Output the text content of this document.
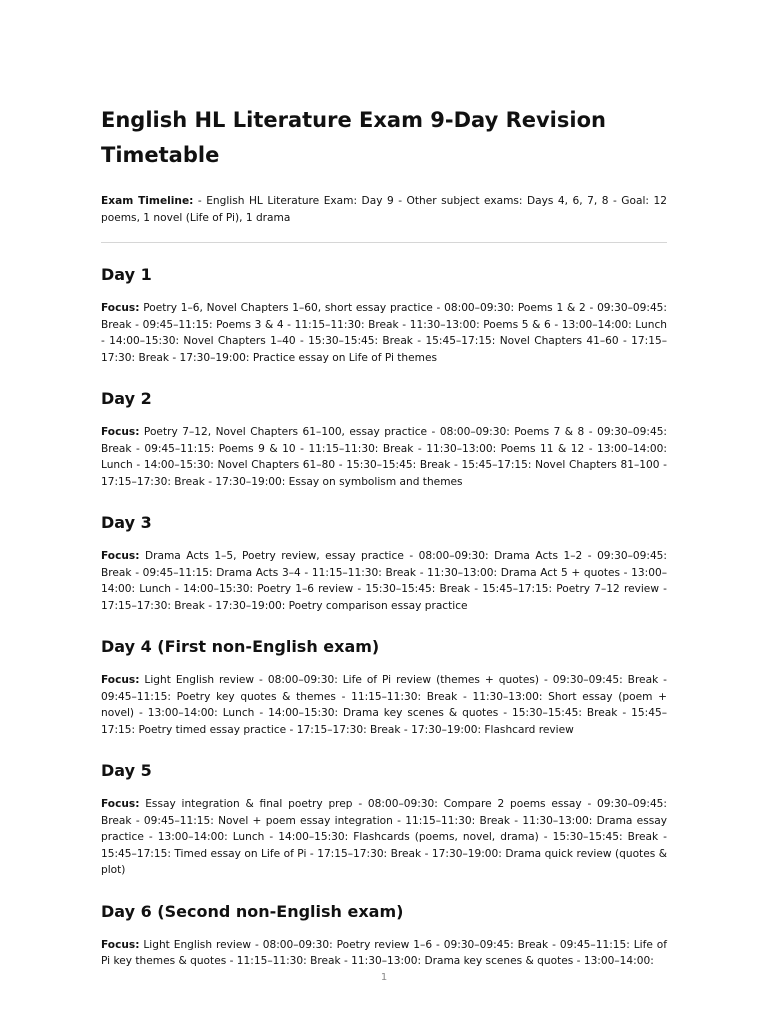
English HL Literature Exam 9-Day Revision Timetable

Exam Timeline: - English HL Literature Exam: Day 9 - Other subject exams: Days 4, 6, 7, 8 - Goal: 12 poems, 1 novel (Life of Pi), 1 drama

Day 1

Focus: Poetry 1–6, Novel Chapters 1–60, short essay practice - 08:00–09:30: Poems 1 & 2 - 09:30–09:45: Break - 09:45–11:15: Poems 3 & 4 - 11:15–11:30: Break - 11:30–13:00: Poems 5 & 6 - 13:00–14:00: Lunch - 14:00–15:30: Novel Chapters 1–40 - 15:30–15:45: Break - 15:45–17:15: Novel Chapters 41–60 - 17:15–17:30: Break - 17:30–19:00: Practice essay on Life of Pi themes

Day 2

Focus: Poetry 7–12, Novel Chapters 61–100, essay practice - 08:00–09:30: Poems 7 & 8 - 09:30–09:45: Break - 09:45–11:15: Poems 9 & 10 - 11:15–11:30: Break - 11:30–13:00: Poems 11 & 12 - 13:00–14:00: Lunch - 14:00–15:30: Novel Chapters 61–80 - 15:30–15:45: Break - 15:45–17:15: Novel Chapters 81–100 - 17:15–17:30: Break - 17:30–19:00: Essay on symbolism and themes

Day 3

Focus: Drama Acts 1–5, Poetry review, essay practice - 08:00–09:30: Drama Acts 1–2 - 09:30–09:45: Break - 09:45–11:15: Drama Acts 3–4 - 11:15–11:30: Break - 11:30–13:00: Drama Act 5 + quotes - 13:00–14:00: Lunch - 14:00–15:30: Poetry 1–6 review - 15:30–15:45: Break - 15:45–17:15: Poetry 7–12 review - 17:15–17:30: Break - 17:30–19:00: Poetry comparison essay practice

Day 4 (First non-English exam)

Focus: Light English review - 08:00–09:30: Life of Pi review (themes + quotes) - 09:30–09:45: Break - 09:45–11:15: Poetry key quotes & themes - 11:15–11:30: Break - 11:30–13:00: Short essay (poem + novel) - 13:00–14:00: Lunch - 14:00–15:30: Drama key scenes & quotes - 15:30–15:45: Break - 15:45–17:15: Poetry timed essay practice - 17:15–17:30: Break - 17:30–19:00: Flashcard review

Day 5

Focus: Essay integration & final poetry prep - 08:00–09:30: Compare 2 poems essay - 09:30–09:45: Break - 09:45–11:15: Novel + poem essay integration - 11:15–11:30: Break - 11:30–13:00: Drama essay practice - 13:00–14:00: Lunch - 14:00–15:30: Flashcards (poems, novel, drama) - 15:30–15:45: Break - 15:45–17:15: Timed essay on Life of Pi - 17:15–17:30: Break - 17:30–19:00: Drama quick review (quotes & plot)

Day 6 (Second non-English exam)

Focus: Light English review - 08:00–09:30: Poetry review 1–6 - 09:30–09:45: Break - 09:45–11:15: Life of Pi key themes & quotes - 11:15–11:30: Break - 11:30–13:00: Drama key scenes & quotes - 13:00–14:00:

1
